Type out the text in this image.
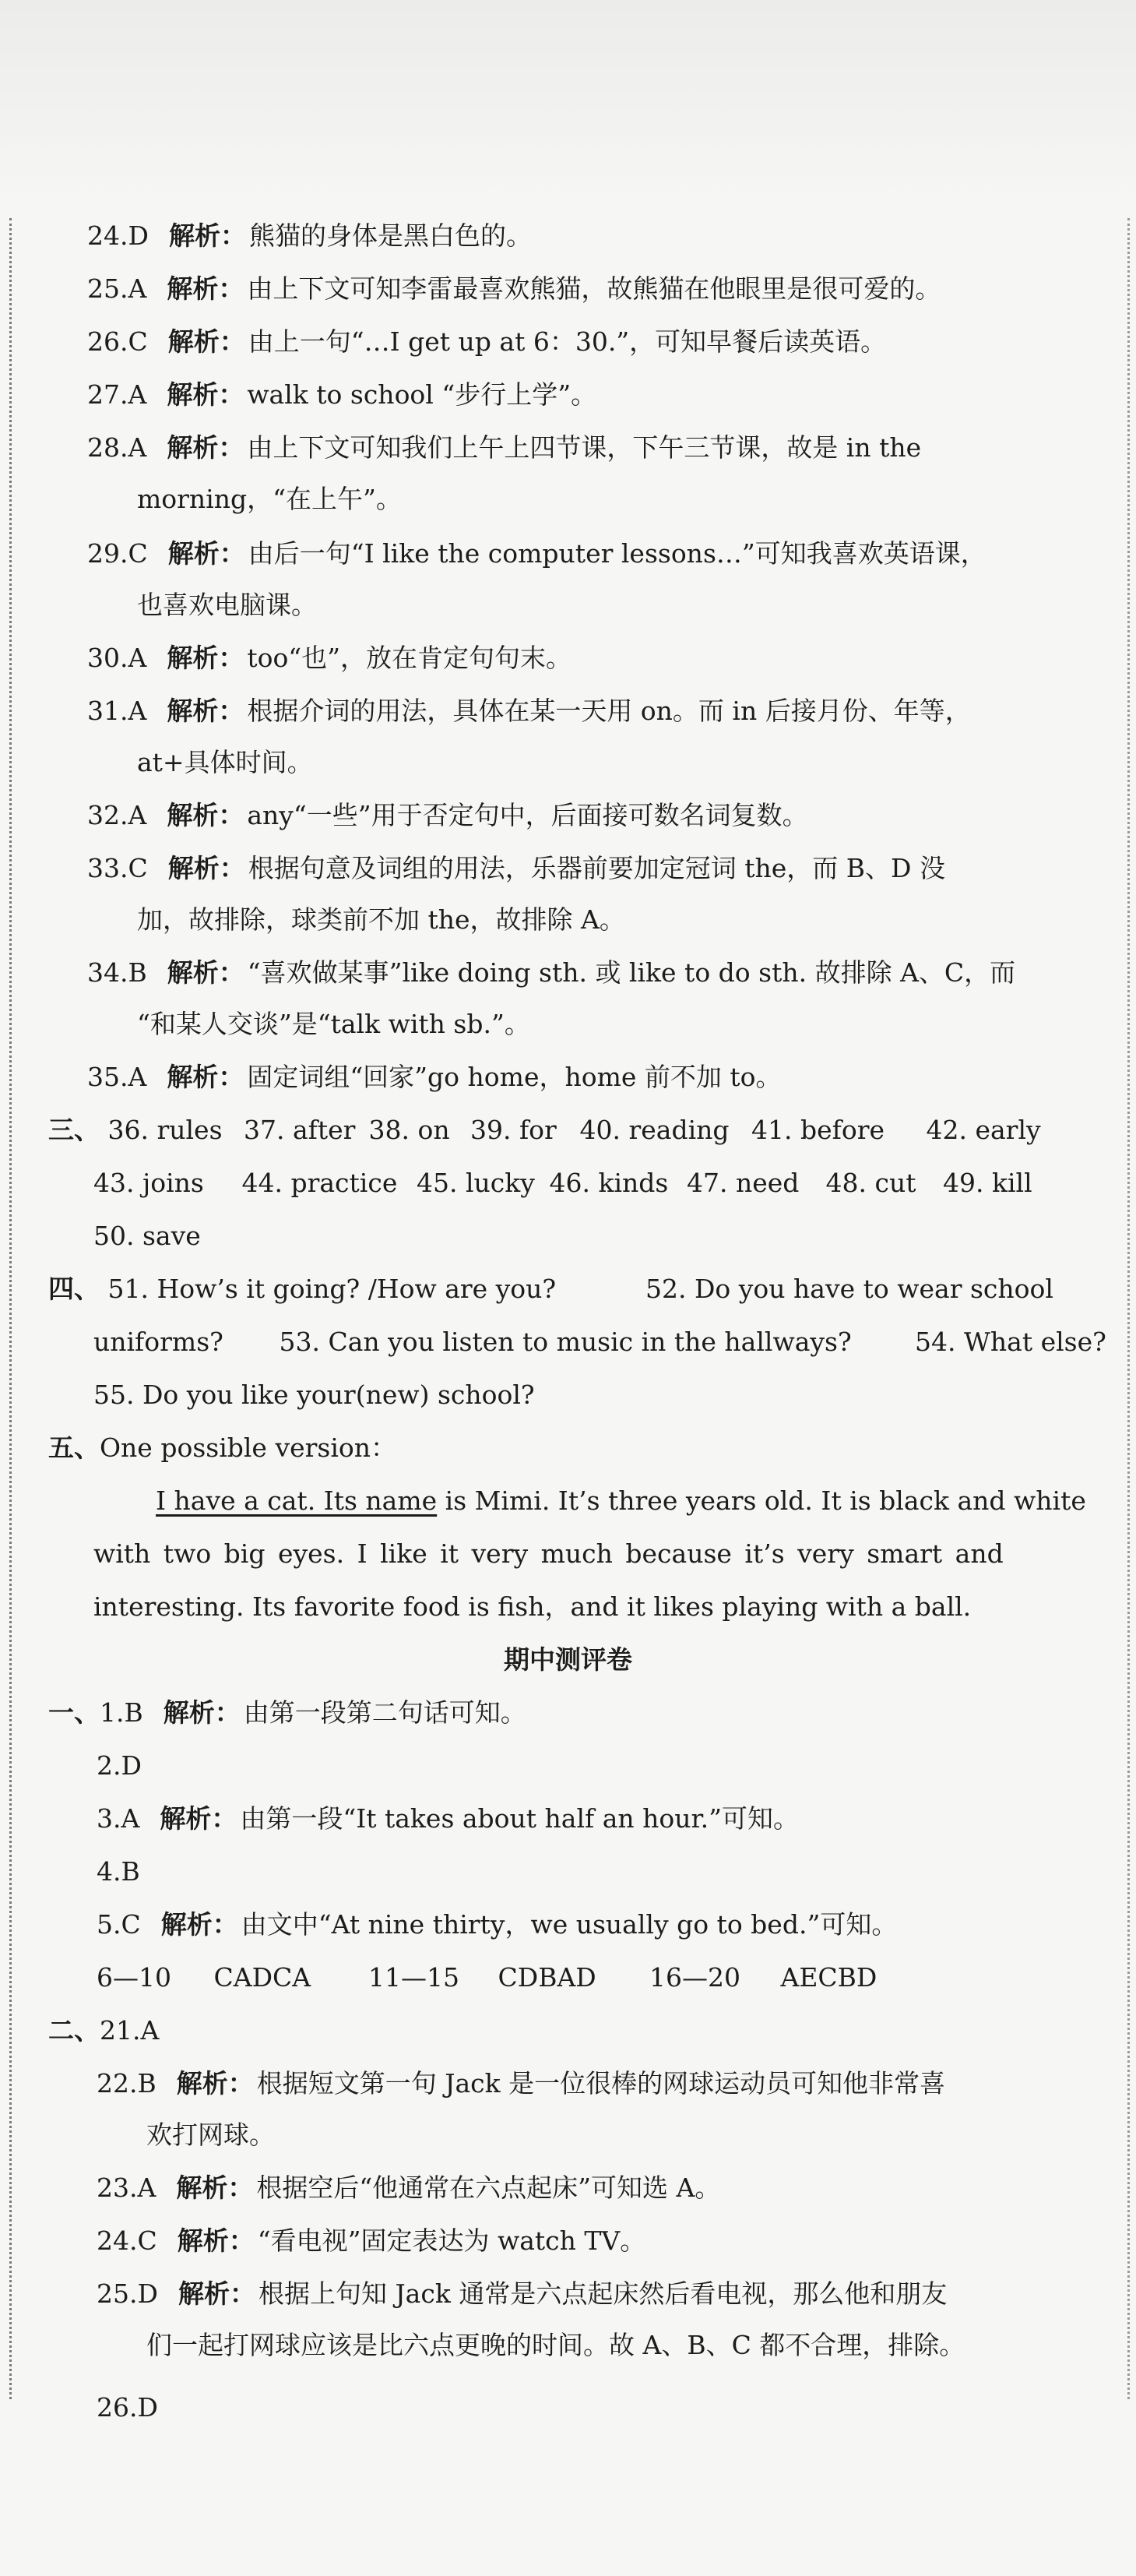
24.D 解析： 熊猫的身体是黑白色的。
25.A 解析： 由上下文可知李雷最喜欢熊猫，故熊猫在他眼里是很可爱的。
26.C 解析： 由上一句“…I get up at 6：30.”，可知早餐后读英语。
27.A 解析： walk to school “步行上学”。
28.A 解析： 由上下文可知我们上午上四节课，下午三节课，故是 in the
morning，“在上午”。
29.C 解析： 由后一句“I like the computer lessons…”可知我喜欢英语课，
也喜欢电脑课。
30.A 解析： too“也”，放在肯定句句末。
31.A 解析： 根据介词的用法，具体在某一天用 on。而 in 后接月份、年等，
at+具体时间。
32.A 解析： any“一些”用于否定句中，后面接可数名词复数。
33.C 解析： 根据句意及词组的用法，乐器前要加定冠词 the，而 B、D 没
加，故排除，球类前不加 the，故排除 A。
34.B 解析： “喜欢做某事”like doing sth. 或 like to do sth. 故排除 A、C，而
“和某人交谈”是“talk with sb.”。
35.A 解析： 固定词组“回家”go home，home 前不加 to。
三、 36. rules 37. after 38. on 39. for 40. reading 41. before 42. early
43. joins 44. practice 45. lucky 46. kinds 47. need 48. cut 49. kill
50. save
四、 51. How’s it going? /How are you?	52. Do you have to wear school
uniforms? 53. Can you listen to music in the hallways? 54. What else?
55. Do you like your(new) school?
五、One possible version：
I have a cat. Its name is Mimi. It’s three years old. It is black and white
with two big eyes. I like it very much because it’s very smart and
interesting. Its favorite food is fish，and it likes playing with a ball.
期中测评卷
一、1.B 解析： 由第一段第二句话可知。
2.D
3.A 解析： 由第一段“It takes about half an hour.”可知。
4.B
5.C 解析： 由文中“At nine thirty，we usually go to bed.”可知。
6—10 CADCA 11—15 CDBAD 16—20 AECBD
二、21.A
22.B 解析： 根据短文第一句 Jack 是一位很棒的网球运动员可知他非常喜
欢打网球。
23.A 解析： 根据空后“他通常在六点起床”可知选 A。
24.C 解析： “看电视”固定表达为 watch TV。
25.D 解析： 根据上句知 Jack 通常是六点起床然后看电视，那么他和朋友
们一起打网球应该是比六点更晚的时间。故 A、B、C 都不合理，排除。
26.D
